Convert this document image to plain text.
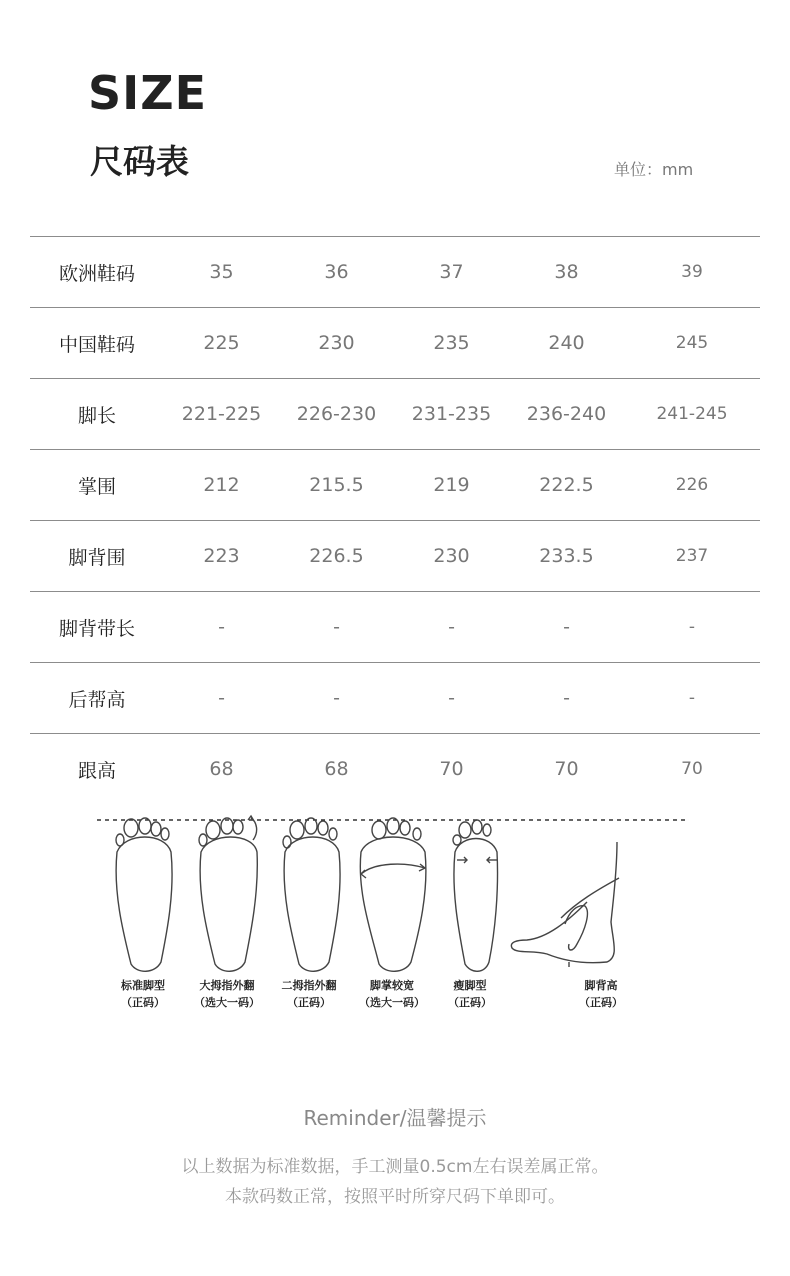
SIZE
尺码表	单位：mm
欧洲鞋码	35	36	37	38	39
中国鞋码	225	230	235	240	245
脚长	221-225	226-230	231-235	236-240	241-245
掌围	212	215.5	219	222.5	226
脚背围	223	226.5	230	233.5	237
脚背带长	-	-	-	-	-
后帮高	-	-	-	-	-
跟高	68	68	70	70	70
标准脚型
（正码）
大拇指外翻
（选大一码）
二拇指外翻
（正码）
脚掌较宽
（选大一码）
瘦脚型
（正码）
脚背高
（正码）
Reminder/温馨提示
以上数据为标准数据，手工测量0.5cm左右误差属正常。
本款码数正常，按照平时所穿尺码下单即可。
